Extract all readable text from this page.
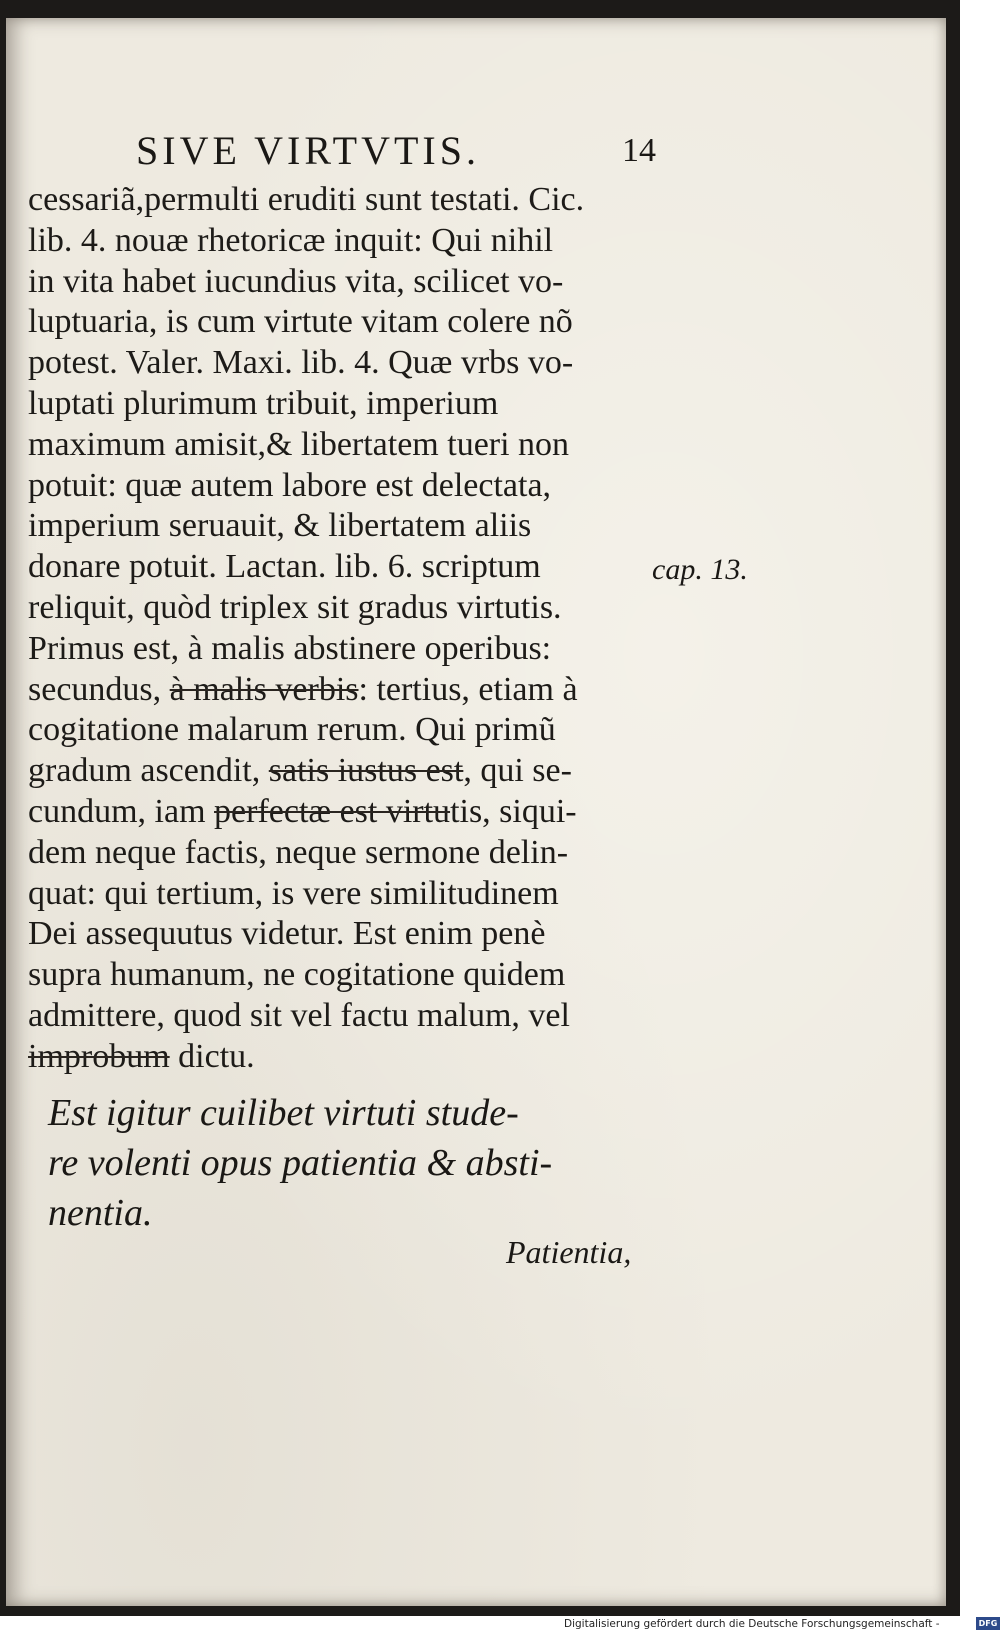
SIVE VIRTVTIS.	14
cessariã,permulti eruditi sunt testati. Cic.
lib. 4. nouæ rhetoricæ inquit: Qui nihil
in vita habet iucundius vita, scilicet vo-
luptuaria, is cum virtute vitam colere nõ
potest. Valer. Maxi. lib. 4. Quæ vrbs vo-
luptati plurimum tribuit, imperium
maximum amisit,& libertatem tueri non
potuit: quæ autem labore est delectata,
imperium seruauit, & libertatem aliis
donare potuit. Lactan. lib. 6. scriptum
reliquit, quòd triplex sit gradus virtutis.
Primus est, à malis abstinere operibus:
secundus, à malis verbis: tertius, etiam à
cogitatione malarum rerum. Qui primũ
gradum ascendit, satis iustus est, qui se-
cundum, iam perfectæ est virtutis, siqui-
dem neque factis, neque sermone delin-
quat: qui tertium, is vere similitudinem
Dei assequutus videtur. Est enim penè
supra humanum, ne cogitatione quidem
admittere, quod sit vel factu malum, vel
improbum dictu.
cap. 13.
Est igitur cuilibet virtuti stude-
re volenti opus patientia & absti-
nentia.
Patientia,
Digitalisierung gefördert durch die Deutsche Forschungsgemeinschaft -	DFG
